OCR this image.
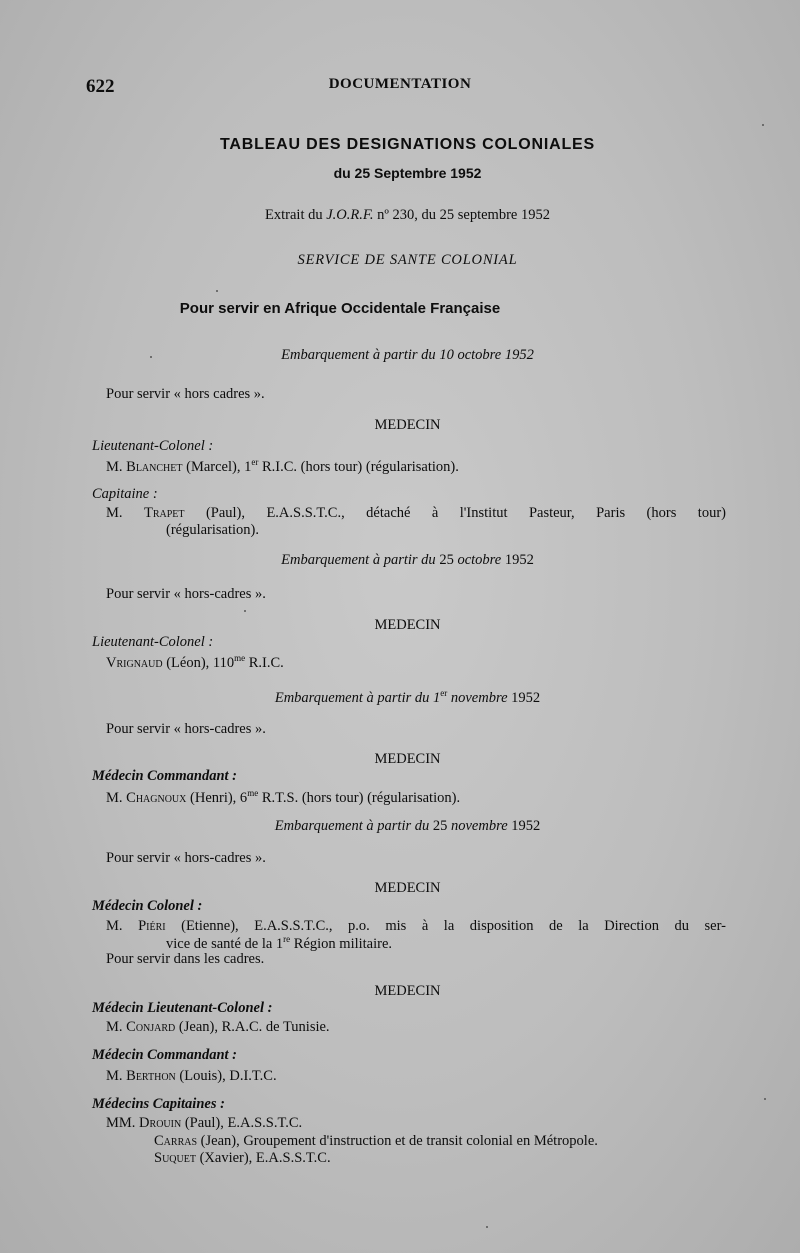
622	DOCUMENTATION
TABLEAU DES DESIGNATIONS COLONIALES
du 25 Septembre 1952
Extrait du J.O.R.F. nº 230, du 25 septembre 1952
SERVICE DE SANTE COLONIAL
Pour servir en Afrique Occidentale Française
Embarquement à partir du 10 octobre 1952
Pour servir « hors cadres ».
MEDECIN
Lieutenant-Colonel :
M. Blanchet (Marcel), 1er R.I.C. (hors tour) (régularisation).
Capitaine :
M. Trapet (Paul), E.A.S.S.T.C., détaché à l'Institut Pasteur, Paris (hors tour)
(régularisation).
Embarquement à partir du 25 octobre 1952
Pour servir « hors-cadres ».
MEDECIN
Lieutenant-Colonel :
Vrignaud (Léon), $110^{me}$ R.I.C.
Embarquement à partir du 1er novembre 1952
Pour servir « hors-cadres ».
MEDECIN
Médecin Commandant :
M. Chagnoux (Henri), $6^{me}$ R.T.S. (hors tour) (régularisation).
Embarquement à partir du 25 novembre 1952
Pour servir « hors-cadres ».
MEDECIN
Médecin Colonel :
M. Piéri (Etienne), E.A.S.S.T.C., p.o. mis à la disposition de la Direction du ser-
vice de santé de la 1re Région militaire.
Pour servir dans les cadres.
MEDECIN
Médecin Lieutenant-Colonel :
M. Conjard (Jean), R.A.C. de Tunisie.
Médecin Commandant :
M. Berthon (Louis), D.I.T.C.
Médecins Capitaines :
MM. Drouin (Paul), E.A.S.S.T.C.
Carras (Jean), Groupement d'instruction et de transit colonial en Métropole.
Suquet (Xavier), E.A.S.S.T.C.
